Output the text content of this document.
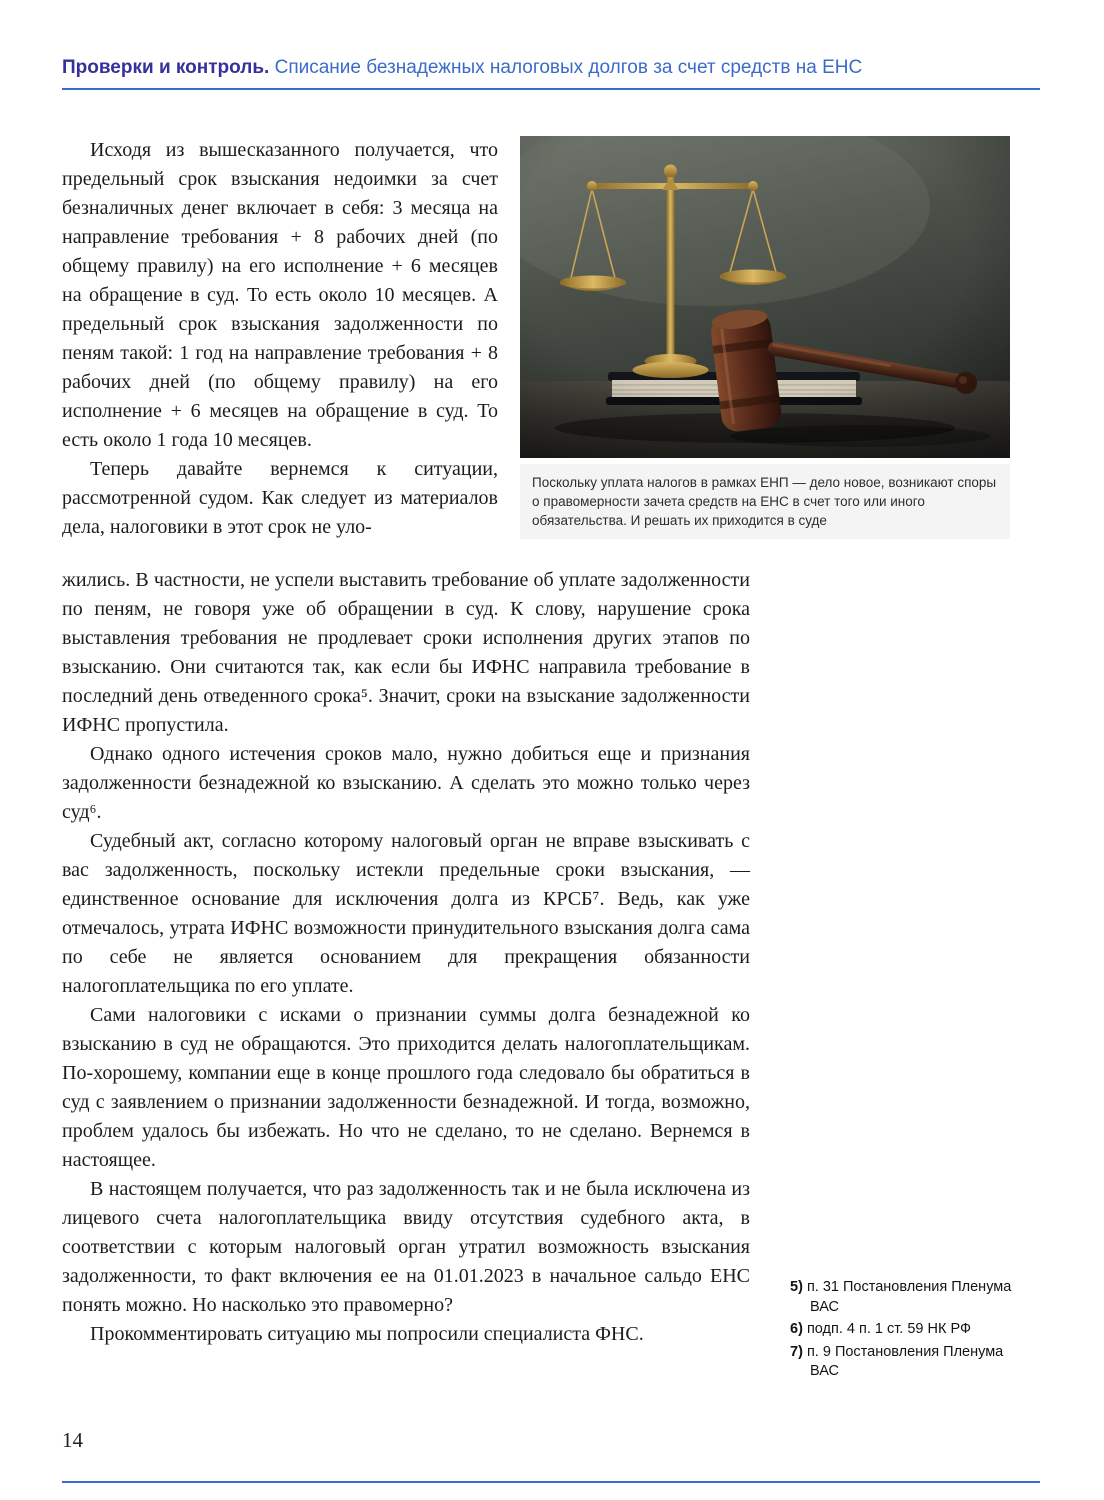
Проверки и контроль. Списание безнадежных налоговых долгов за счет средств на ЕНС

Исходя из вышесказанного получается, что предельный срок взыскания недоимки за счет безналичных денег включает в себя: 3 месяца на направление требования + 8 рабочих дней (по общему правилу) на его исполнение + 6 месяцев на обращение в суд. То есть около 10 месяцев. А предельный срок взыскания задолженности по пеням такой: 1 год на направление требования + 8 рабочих дней (по общему правилу) на его исполнение + 6 месяцев на обращение в суд. То есть около 1 года 10 месяцев.

Теперь давайте вернемся к ситуации, рассмотренной судом. Как следует из материалов дела, налоговики в этот срок не уло-

Поскольку уплата налогов в рамках ЕНП — дело новое, возникают споры о правомерности зачета средств на ЕНС в счет того или иного обязательства. И решать их приходится в суде

жились. В частности, не успели выставить требование об уплате задолженности по пеням, не говоря уже об обращении в суд. К слову, нарушение срока выставления требования не продлевает сроки исполнения других этапов по взысканию. Они считаются так, как если бы ИФНС направила требование в последний день отведенного срока⁵. Значит, сроки на взыскание задолженности ИФНС пропустила.

Однако одного истечения сроков мало, нужно добиться еще и признания задолженности безнадежной ко взысканию. А сделать это можно только через суд⁶.

Судебный акт, согласно которому налоговый орган не вправе взыскивать с вас задолженность, поскольку истекли предельные сроки взыскания, — единственное основание для исключения долга из КРСБ⁷. Ведь, как уже отмечалось, утрата ИФНС возможности принудительного взыскания долга сама по себе не является основанием для прекращения обязанности налогоплательщика по его уплате.

Сами налоговики с исками о признании суммы долга безнадежной ко взысканию в суд не обращаются. Это приходится делать налогоплательщикам. По-хорошему, компании еще в конце прошлого года следовало бы обратиться в суд с заявлением о признании задолженности безнадежной. И тогда, возможно, проблем удалось бы избежать. Но что не сделано, то не сделано. Вернемся в настоящее.

В настоящем получается, что раз задолженность так и не была исключена из лицевого счета налогоплательщика ввиду отсутствия судебного акта, в соответствии с которым налоговый орган утратил возможность взыскания задолженности, то факт включения ее на 01.01.2023 в начальное сальдо ЕНС понять можно. Но насколько это правомерно?

Прокомментировать ситуацию мы попросили специалиста ФНС.

5) п. 31 Постановления Пленума ВАС

6) подп. 4 п. 1 ст. 59 НК РФ

7) п. 9 Постановления Пленума ВАС

14
